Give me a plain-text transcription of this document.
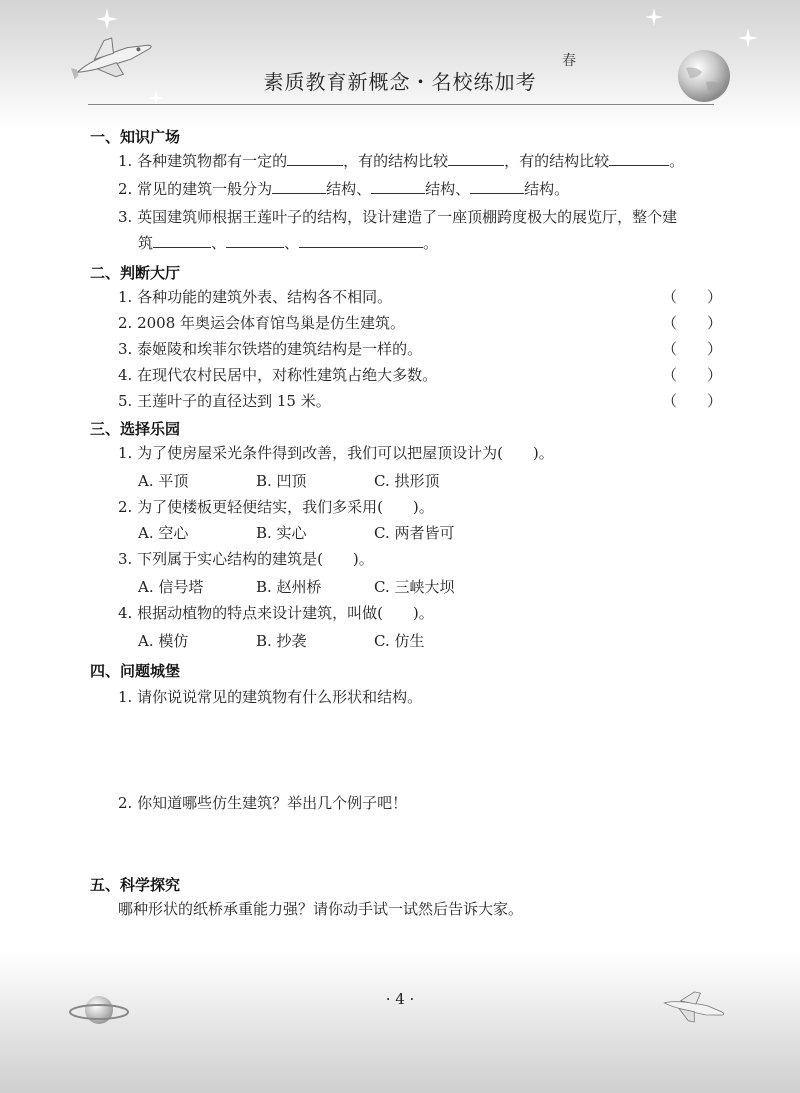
素质教育新概念・名校练加考
春
一、知识广场
1. 各种建筑物都有一定的	，有的结构比较	，有的结构比较	。
2. 常见的建筑一般分为	结构、	结构、	结构。
3. 英国建筑师根据王莲叶子的结构，设计建造了一座顶棚跨度极大的展览厅，整个建
筑	、	、	。
二、判断大厅
1. 各种功能的建筑外表、结构各不相同。	（　　）
2. 2008 年奥运会体育馆鸟巢是仿生建筑。	（　　）
3. 泰姬陵和埃菲尔铁塔的建筑结构是一样的。	（　　）
4. 在现代农村民居中，对称性建筑占绝大多数。	（　　）
5. 王莲叶子的直径达到 15 米。	（　　）
三、选择乐园
1. 为了使房屋采光条件得到改善，我们可以把屋顶设计为(　　)。
A. 平顶	B. 凹顶	C. 拱形顶
2. 为了使楼板更轻便结实，我们多采用(　　)。
A. 空心	B. 实心	C. 两者皆可
3. 下列属于实心结构的建筑是(　　)。
A. 信号塔	B. 赵州桥	C. 三峡大坝
4. 根据动植物的特点来设计建筑，叫做(　　)。
A. 模仿	B. 抄袭	C. 仿生
四、问题城堡
1. 请你说说常见的建筑物有什么形状和结构。
2. 你知道哪些仿生建筑？举出几个例子吧！
五、科学探究
哪种形状的纸桥承重能力强？请你动手试一试然后告诉大家。
· 4 ·
